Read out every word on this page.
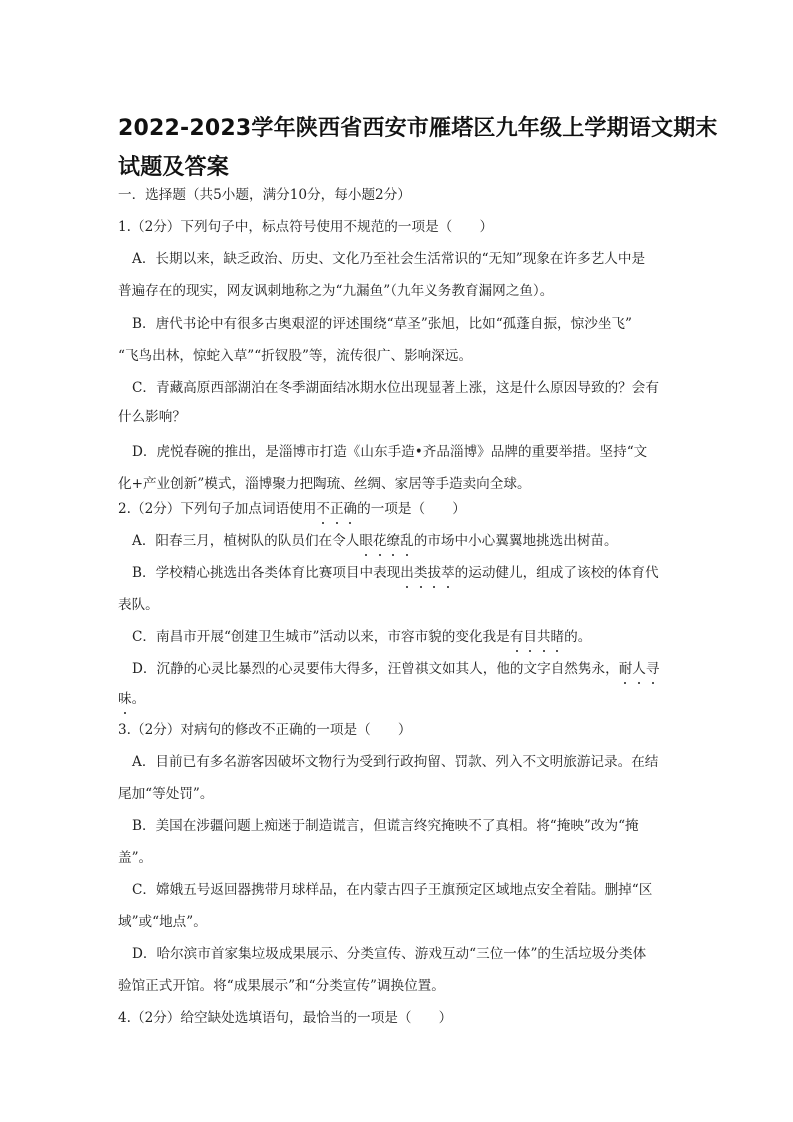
2022-2023学年陕西省西安市雁塔区九年级上学期语文期末
试题及答案
一．选择题（共5小题，满分10分，每小题2分）
1.（2分）下列句子中，标点符号使用不规范的一项是（　　）
A．长期以来，缺乏政治、历史、文化乃至社会生活常识的“无知”现象在许多艺人中是
普遍存在的现实，网友讽刺地称之为“九漏鱼”（九年义务教育漏网之鱼）。
B．唐代书论中有很多古奥艰涩的评述围绕“草圣”张旭，比如“孤蓬自振，惊沙坐飞”
“飞鸟出林，惊蛇入草”“折钗股”等，流传很广、影响深远。
C．青藏高原西部湖泊在冬季湖面结冰期水位出现显著上涨，这是什么原因导致的？会有
什么影响？
D．虎悦春碗的推出，是淄博市打造《山东手造•齐品淄博》品牌的重要举措。坚持“文
化+产业创新”模式，淄博聚力把陶琉、丝绸、家居等手造卖向全球。
2.（2分）下列句子加点词语使用不正确的一项是（　　）
A．阳春三月，植树队的队员们在令人眼花缭乱的市场中小心翼翼地挑选出树苗。
B．学校精心挑选出各类体育比赛项目中表现出类拔萃的运动健儿，组成了该校的体育代
表队。
C．南昌市开展“创建卫生城市”活动以来，市容市貌的变化我是有目共睹的。
D．沉静的心灵比暴烈的心灵要伟大得多，汪曾祺文如其人，他的文字自然隽永，耐人寻
味。
3.（2分）对病句的修改不正确的一项是（　　）
A．目前已有多名游客因破坏文物行为受到行政拘留、罚款、列入不文明旅游记录。在结
尾加“等处罚”。
B．美国在涉疆问题上痴迷于制造谎言，但谎言终究掩映不了真相。将“掩映”改为“掩
盖”。
C．嫦娥五号返回器携带月球样品，在内蒙古四子王旗预定区域地点安全着陆。删掉“区
域”或“地点”。
D．哈尔滨市首家集垃圾成果展示、分类宣传、游戏互动“三位一体”的生活垃圾分类体
验馆正式开馆。将“成果展示”和“分类宣传”调换位置。
4.（2分）给空缺处选填语句，最恰当的一项是（　　）
